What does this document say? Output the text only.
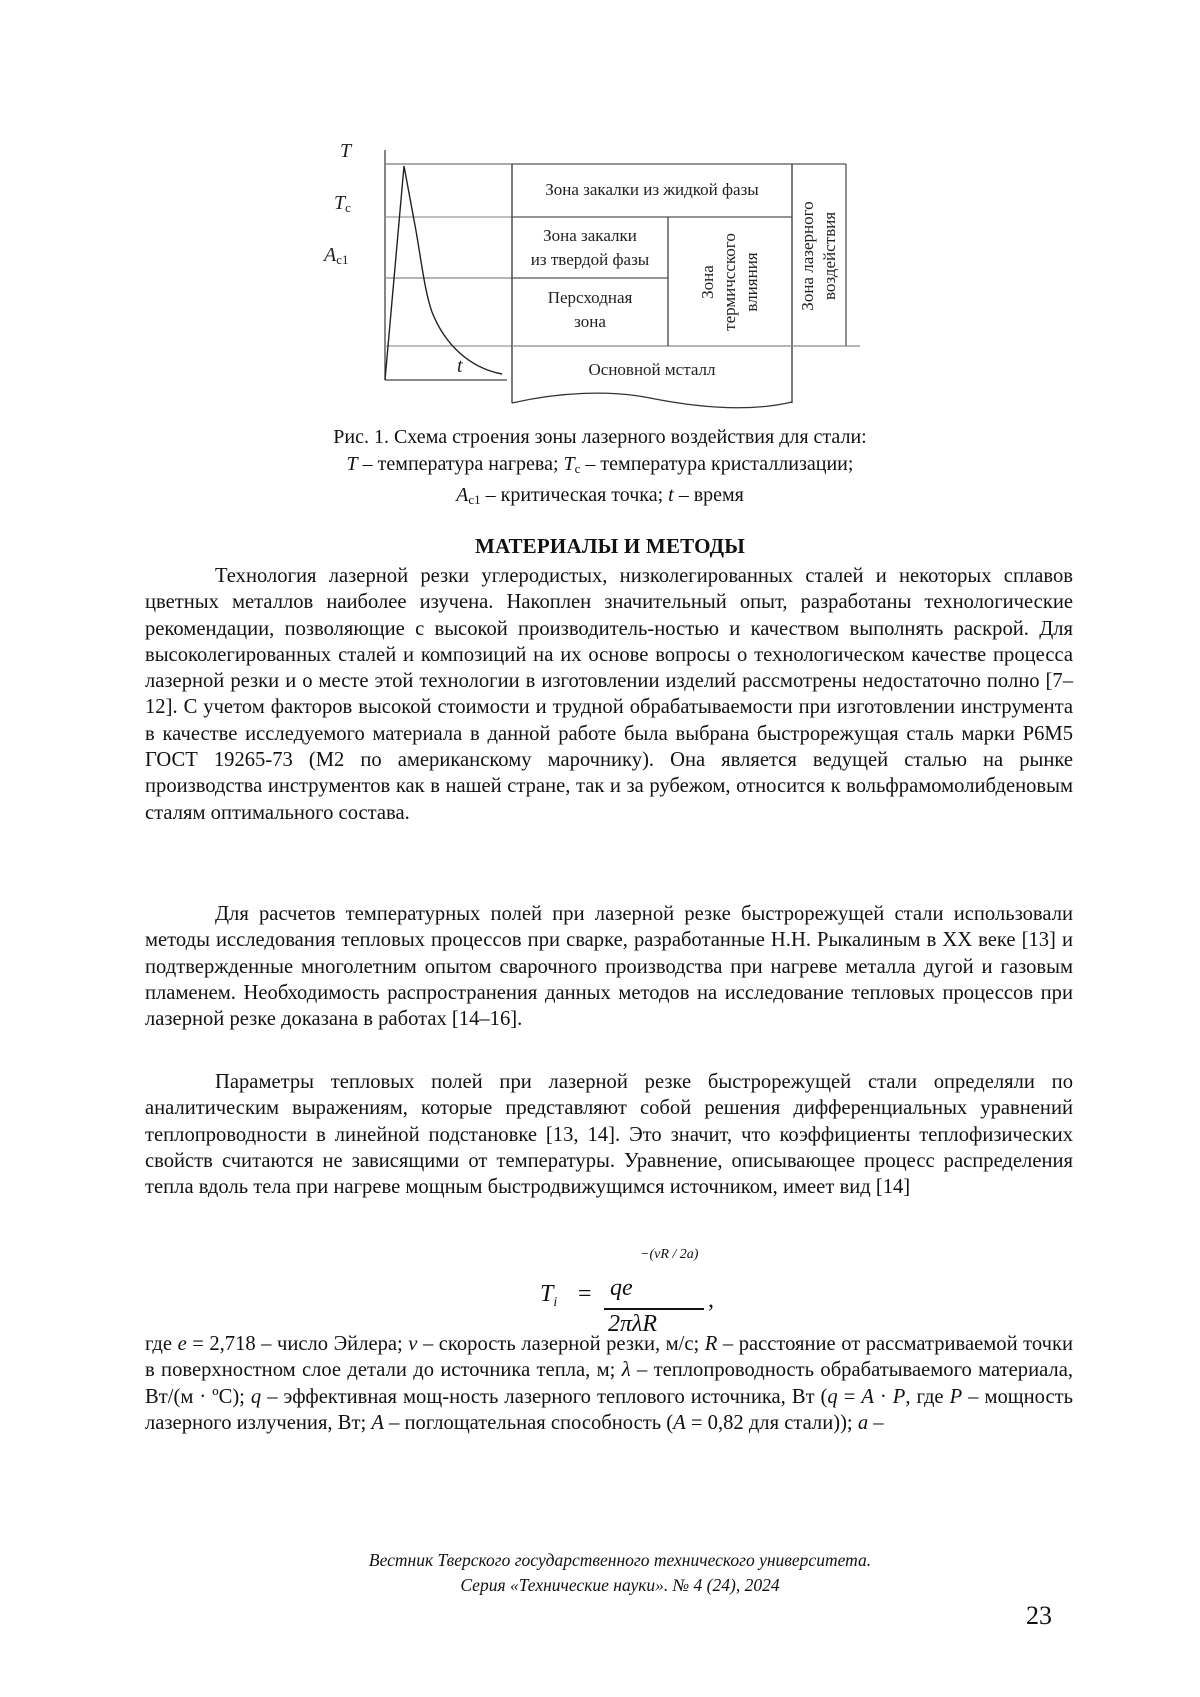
T
$T_c$
$A_{c1}$
t
Зона закалки из жидкой фазы
Зона закалки
из твердой фазы
Персходная
зона
Зона термичсского влияния Зона лазерного воздействия
Основной мсталл
Рис. 1. Схема строения зоны лазерного воздействия для стали:
T – температура нагрева; $T_c$ – температура кристаллизации;
$A_{c1}$ – критическая точка; t – время
МАТЕРИАЛЫ И МЕТОДЫ

Технология лазерной резки углеродистых, низколегированных сталей и некоторых сплавов цветных металлов наиболее изучена. Накоплен значительный опыт, разработаны технологические рекомендации, позволяющие с высокой производитель-ностью и качеством выполнять раскрой. Для высоколегированных сталей и композиций на их основе вопросы о технологическом качестве процесса лазерной резки и о месте этой технологии в изготовлении изделий рассмотрены недостаточно полно [7–12]. С учетом факторов высокой стоимости и трудной обрабатываемости при изготовлении инструмента в качестве исследуемого материала в данной работе была выбрана быстрорежущая сталь марки Р6М5 ГОСТ 19265-73 (М2 по американскому марочнику). Она является ведущей сталью на рынке производства инструментов как в нашей стране, так и за рубежом, относится к вольфрамомолибденовым сталям оптимального состава.

Для расчетов температурных полей при лазерной резке быстрорежущей стали использовали методы исследования тепловых процессов при сварке, разработанные Н.Н. Рыкалиным в XX веке [13] и подтвержденные многолетним опытом сварочного производства при нагреве металла дугой и газовым пламенем. Необходимость распространения данных методов на исследование тепловых процессов при лазерной резке доказана в работах [14–16].

Параметры тепловых полей при лазерной резке быстрорежущей стали определяли по аналитическим выражениям, которые представляют собой решения дифференциальных уравнений теплопроводности в линейной подстановке [13, 14]. Это значит, что коэффициенты теплофизических свойств считаются не зависящими от температуры. Уравнение, описывающее процесс распределения тепла вдоль тела при нагреве мощным быстродвижущимся источником, имеет вид [14]

$T_i$ = qe
−(vR / 2a)
2πλR
,

где e = 2,718 – число Эйлера; v – скорость лазерной резки, м/с; R – расстояние от рассматриваемой точки в поверхностном слое детали до источника тепла, м; λ – теплопроводность обрабатываемого материала, Вт/(м · ºС); q – эффективная мощ-ность лазерного теплового источника, Вт (q = A · P, где P – мощность лазерного излучения, Вт; A – поглощательная способность (A = 0,82 для стали)); a –

Вестник Тверского государственного технического университета.
Серия «Технические науки». № 4 (24), 2024
23
